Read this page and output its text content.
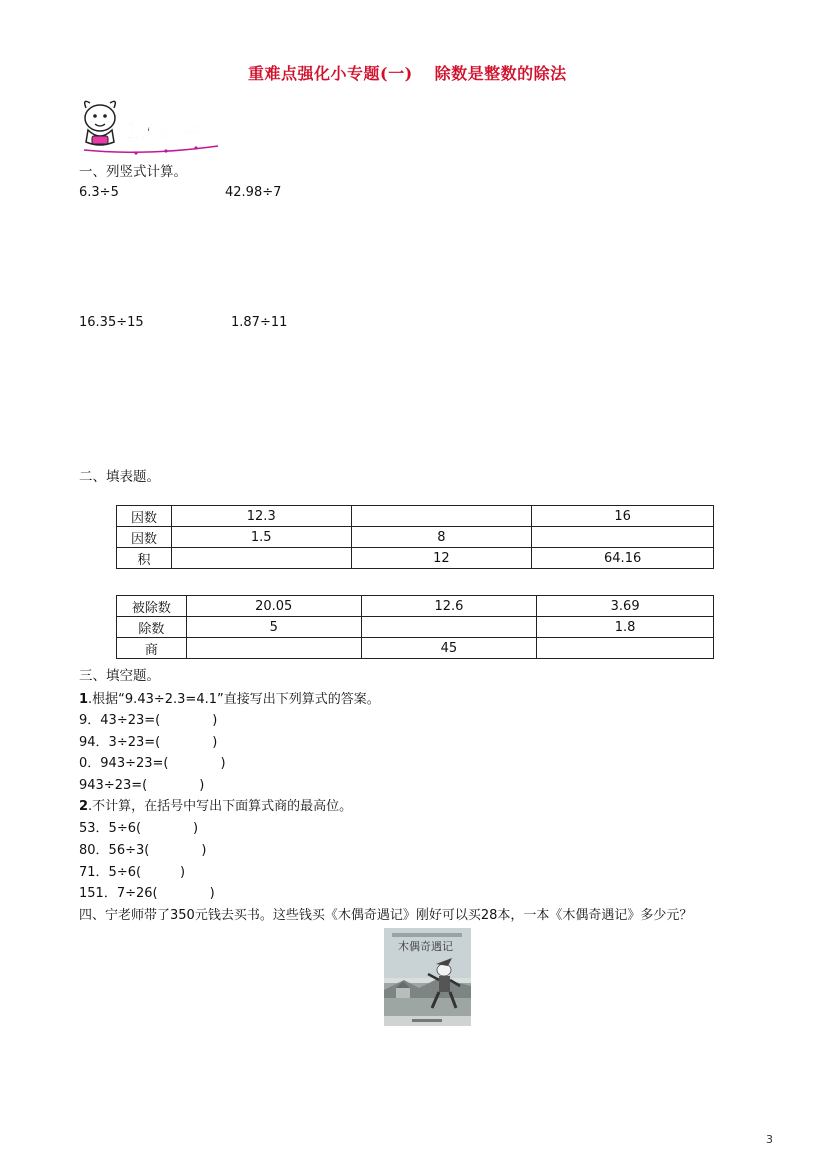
重难点强化小专题(一) 除数是整数的除法
课标选萃
一、列竖式计算。
6.3÷5	42.98÷7
16.35÷15	1.87÷11
二、填表题。
因数	12.3		16
因数	1.5	8	
积		12	64.16
被除数	20.05	12.6	3.69
除数	5		1.8
商		45	
三、填空题。
1.根据“9.43÷2.3=4.1”直接写出下列算式的答案。
9．43÷23=(　　　　)
94．3÷23=(　　　　)
0．943÷23=(　　　　)
943÷23=(　　　　)
2.不计算，在括号中写出下面算式商的最高位。
53．5÷6(　　　　)
80．56÷3(　　　　)
71．5÷6(　　　)
151．7÷26(　　　　)
四、宁老师带了350元钱去买书。这些钱买《木偶奇遇记》刚好可以买28本，一本《木偶奇遇记》多少元？
木偶奇遇记
3
